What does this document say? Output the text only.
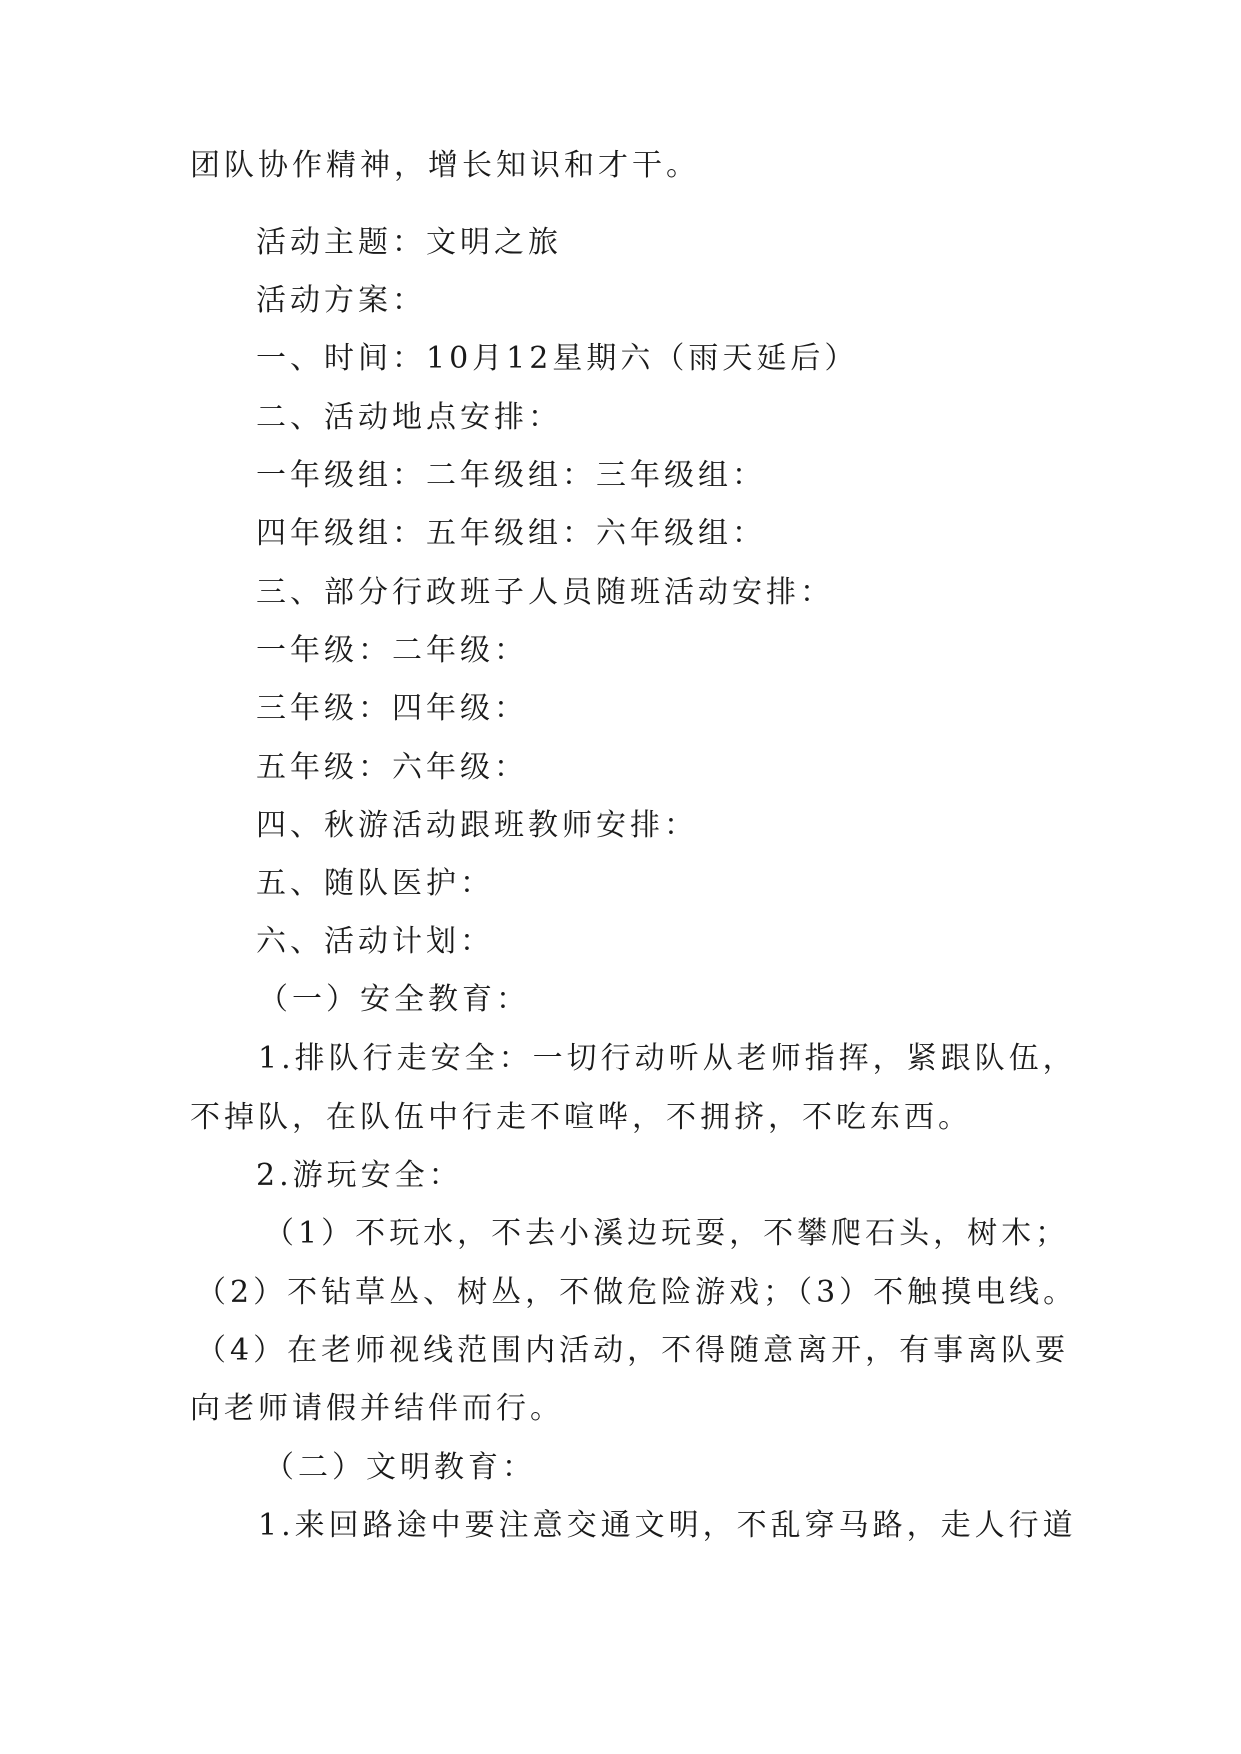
团队协作精神，增长知识和才干。
活动主题：文明之旅
活动方案：
一、时间：10月12星期六（雨天延后）
二、活动地点安排：
一年级组：二年级组：三年级组：
四年级组：五年级组：六年级组：
三、部分行政班子人员随班活动安排：
一年级：二年级：
三年级：四年级：
五年级：六年级：
四、秋游活动跟班教师安排：
五、随队医护：
六、活动计划：
（一）安全教育：
1.排队行走安全：一切行动听从老师指挥，紧跟队伍，
不掉队，在队伍中行走不喧哗，不拥挤，不吃东西。
2.游玩安全：
（1）不玩水，不去小溪边玩耍，不攀爬石头，树木；
（2）不钻草丛、树丛，不做危险游戏；（3）不触摸电线。
（4）在老师视线范围内活动，不得随意离开，有事离队要
向老师请假并结伴而行。
（二）文明教育：
1.来回路途中要注意交通文明，不乱穿马路，走人行道
